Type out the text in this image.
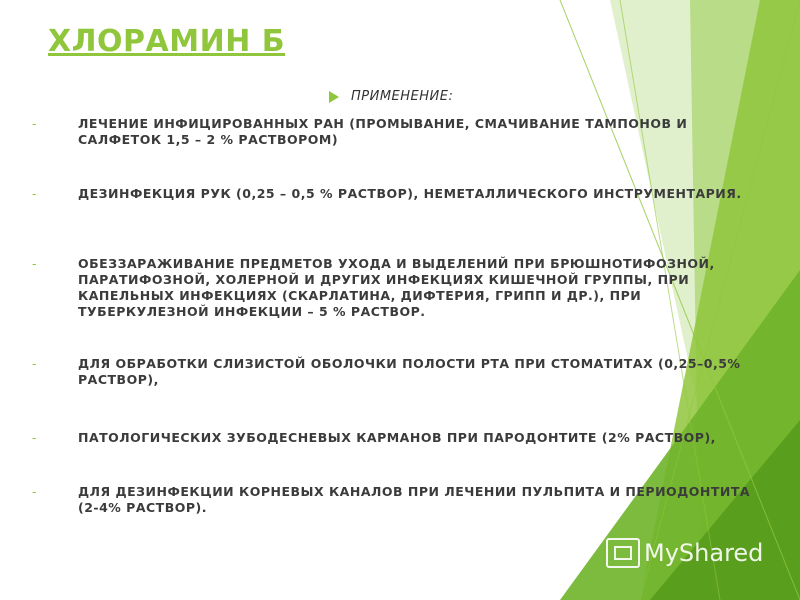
ХЛОРАМИН Б
ПРИМЕНЕНИЕ:
-	ЛЕЧЕНИЕ ИНФИЦИРОВАННЫХ РАН (ПРОМЫВАНИЕ, СМАЧИВАНИЕ ТАМПОНОВ И САЛФЕТОК 1,5 – 2 % РАСТВОРОМ)
-	ДЕЗИНФЕКЦИЯ РУК (0,25 – 0,5 % РАСТВОР), НЕМЕТАЛЛИЧЕСКОГО ИНСТРУМЕНТАРИЯ.
-	ОБЕЗЗАРАЖИВАНИЕ ПРЕДМЕТОВ УХОДА И ВЫДЕЛЕНИЙ ПРИ БРЮШНОТИФОЗНОЙ, ПАРАТИФОЗНОЙ, ХОЛЕРНОЙ И ДРУГИХ ИНФЕКЦИЯХ КИШЕЧНОЙ ГРУППЫ, ПРИ КАПЕЛЬНЫХ ИНФЕКЦИЯХ (СКАРЛАТИНА, ДИФТЕРИЯ, ГРИПП И ДР.), ПРИ ТУБЕРКУЛЕЗНОЙ ИНФЕКЦИИ – 5 % РАСТВОР.
-	ДЛЯ ОБРАБОТКИ СЛИЗИСТОЙ ОБОЛОЧКИ ПОЛОСТИ РТА ПРИ СТОМАТИТАХ (0,25–0,5% РАСТВОР),
-	ПАТОЛОГИЧЕСКИХ ЗУБОДЕСНЕВЫХ КАРМАНОВ ПРИ ПАРОДОНТИТЕ (2% РАСТВОР),
-	ДЛЯ ДЕЗИНФЕКЦИИ КОРНЕВЫХ КАНАЛОВ ПРИ ЛЕЧЕНИИ ПУЛЬПИТА И ПЕРИОДОНТИТА (2-4% РАСТВОР).
MyShared
